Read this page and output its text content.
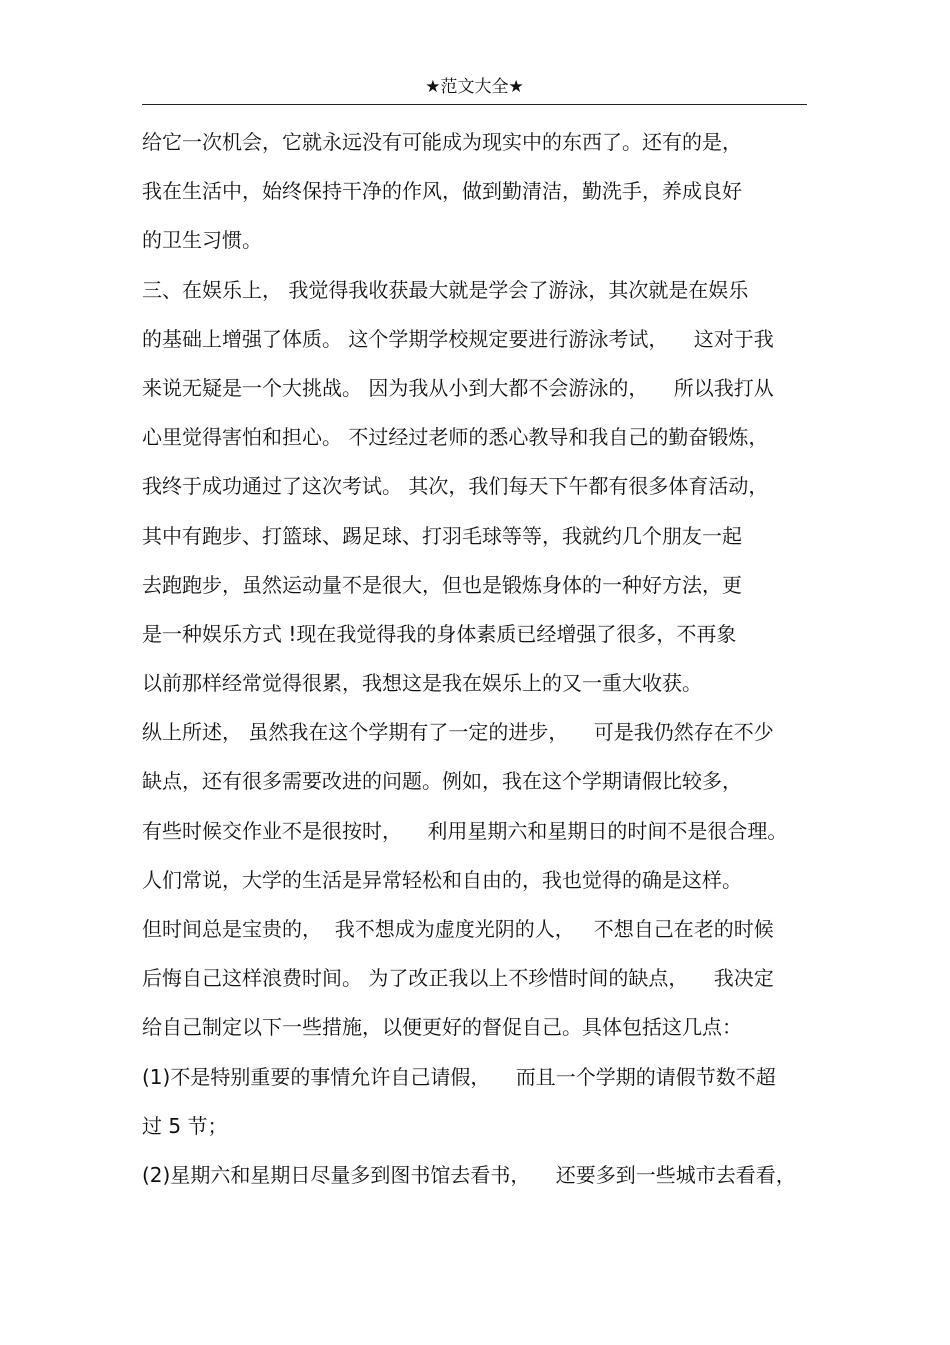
★范文大全★
给它一次机会，它就永远没有可能成为现实中的东西了。还有的是，
我在生活中，始终保持干净的作风，做到勤清洁，勤洗手，养成良好
的卫生习惯。
三、在娱乐上， 我觉得我收获最大就是学会了游泳，其次就是在娱乐
的基础上增强了体质。 这个学期学校规定要进行游泳考试，    这对于我
来说无疑是一个大挑战。 因为我从小到大都不会游泳的，    所以我打从
心里觉得害怕和担心。 不过经过老师的悉心教导和我自己的勤奋锻炼，
我终于成功通过了这次考试。 其次，我们每天下午都有很多体育活动，
其中有跑步、打篮球、踢足球、打羽毛球等等，我就约几个朋友一起
去跑跑步，虽然运动量不是很大，但也是锻炼身体的一种好方法，更
是一种娱乐方式 !现在我觉得我的身体素质已经增强了很多，不再象
以前那样经常觉得很累，我想这是我在娱乐上的又一重大收获。
纵上所述， 虽然我在这个学期有了一定的进步，    可是我仍然存在不少
缺点，还有很多需要改进的问题。例如，我在这个学期请假比较多，
有些时候交作业不是很按时，    利用星期六和星期日的时间不是很合理。
人们常说，大学的生活是异常轻松和自由的，我也觉得的确是这样。
但时间总是宝贵的，  我不想成为虚度光阴的人，   不想自己在老的时候
后悔自己这样浪费时间。 为了改正我以上不珍惜时间的缺点，    我决定
给自己制定以下一些措施，以便更好的督促自己。具体包括这几点：
(1)不是特别重要的事情允许自己请假，    而且一个学期的请假节数不超
过 5 节；
(2)星期六和星期日尽量多到图书馆去看书，    还要多到一些城市去看看，
